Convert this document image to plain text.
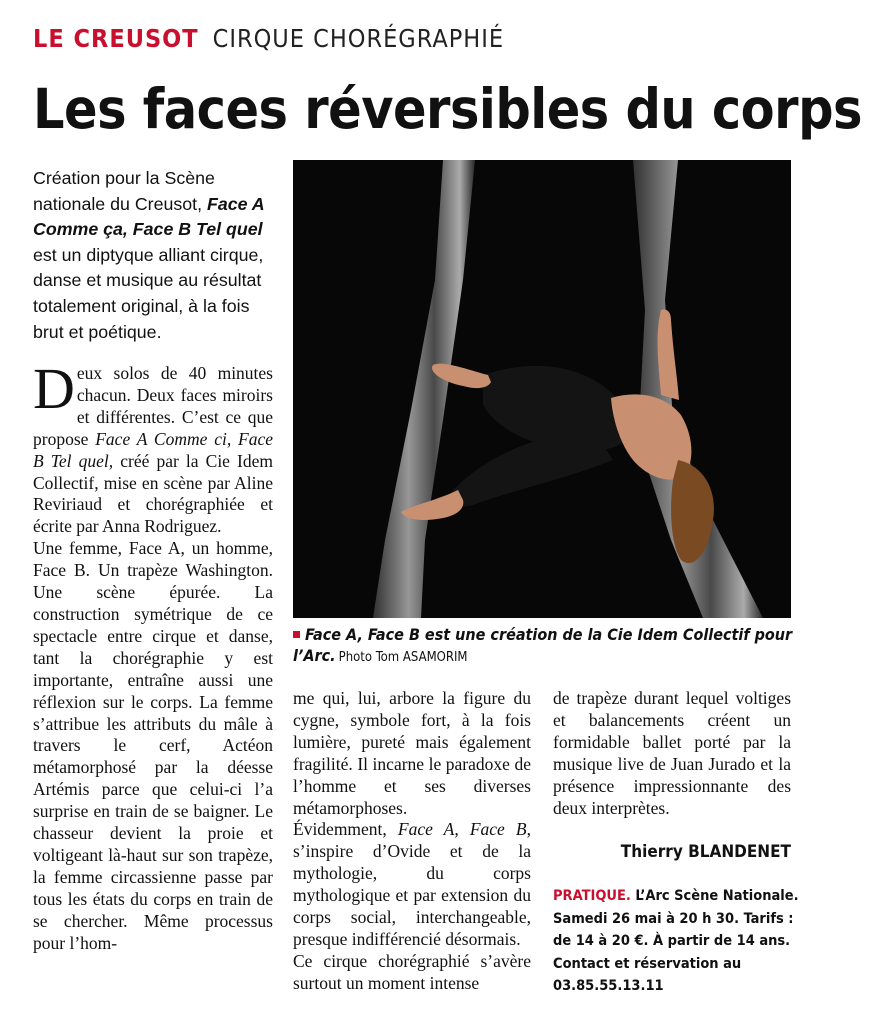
LE CREUSOT CIRQUE CHORÉGRAPHIÉ
Les faces réversibles du corps

Création pour la Scène nationale du Creusot, Face A Comme ça, Face B Tel quel est un diptyque alliant cirque, danse et musique au résultat totalement original, à la fois brut et poétique.

Face A, Face B est une création de la Cie Idem Collectif pour l’Arc. Photo Tom ASAMORIM

Deux solos de 40 minutes chacun. Deux faces miroirs et différentes. C’est ce que propose Face A Comme ci, Face B Tel quel, créé par la Cie Idem Collectif, mise en scène par Aline Reviriaud et chorégraphiée et écrite par Anna Rodriguez.
Une femme, Face A, un homme, Face B. Un trapèze Washington. Une scène épurée. La construction symétrique de ce spectacle entre cirque et danse, tant la chorégraphie y est importante, entraîne aussi une réflexion sur le corps. La femme s’attribue les attributs du mâle à travers le cerf, Actéon métamorphosé par la déesse Artémis parce que celui-ci l’a surprise en train de se baigner. Le chasseur devient la proie et voltigeant là-haut sur son trapèze, la femme circassienne passe par tous les états du corps en train de se chercher. Même processus pour l’hom-
me qui, lui, arbore la figure du cygne, symbole fort, à la fois lumière, pureté mais également fragilité. Il incarne le paradoxe de l’homme et ses diverses métamorphoses.
Évidemment, Face A, Face B, s’inspire d’Ovide et de la mythologie, du corps mythologique et par extension du corps social, interchangeable, presque indifférencié désormais.
Ce cirque chorégraphié s’avère surtout un moment intense
de trapèze durant lequel voltiges et balancements créent un formidable ballet porté par la musique live de Juan Jurado et la présence impressionnante des deux interprètes.
Thierry BLANDENET

PRATIQUE. L’Arc Scène Nationale. Samedi 26 mai à 20 h 30. Tarifs : de 14 à 20 €. À partir de 14 ans. Contact et réservation au 03.85.55.13.11
